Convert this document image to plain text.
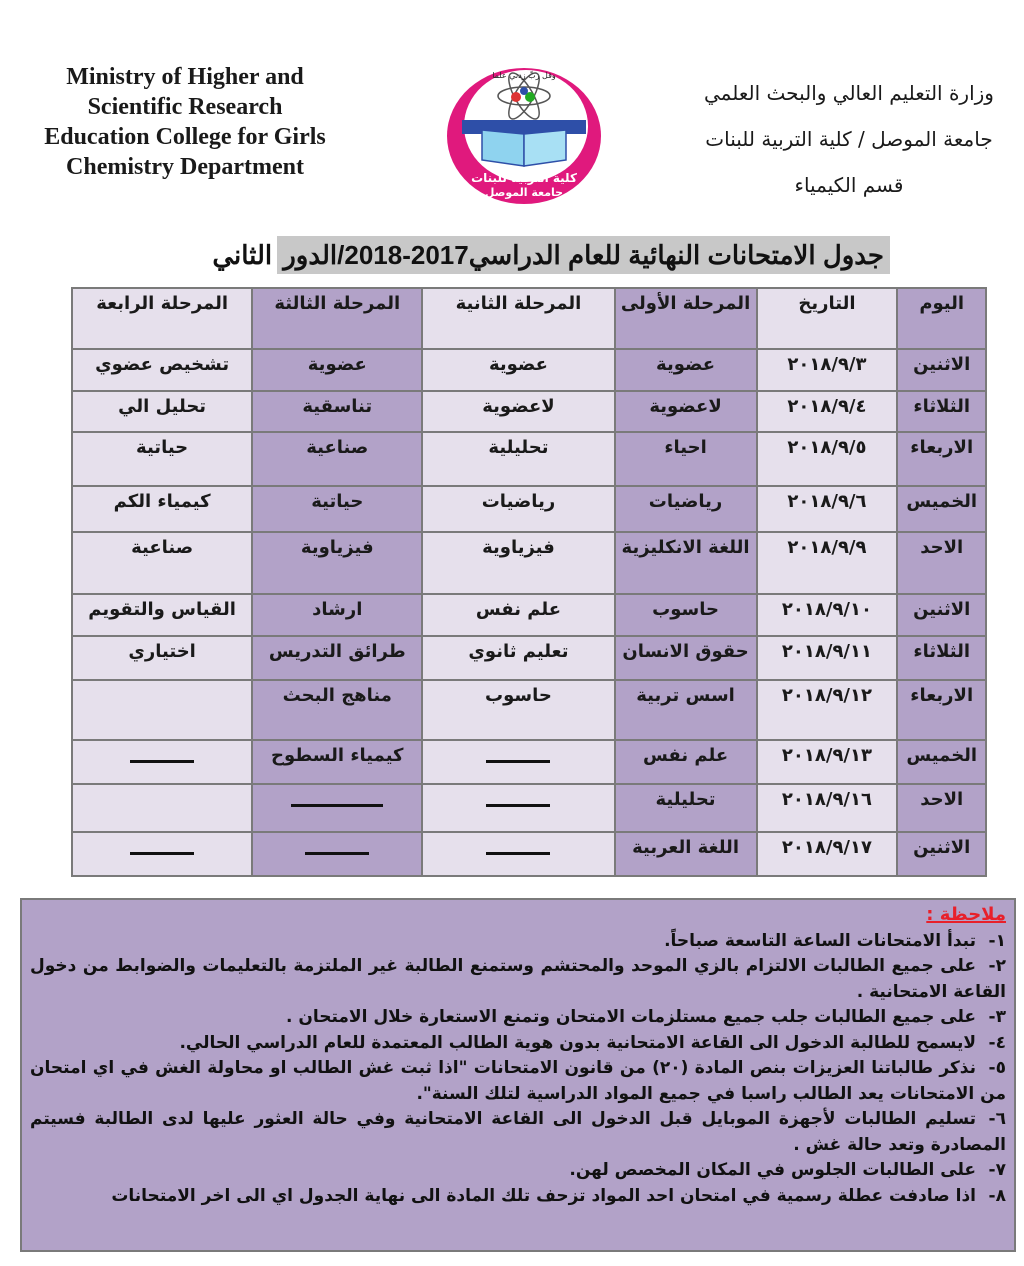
Ministry of Higher and
Scientific Research
Education College for Girls
Chemistry Department
وقل ربِّ زدني علما
كلية التربية للبنات
جامعة الموصل
وزارة التعليم العالي والبحث العلمي
جامعة الموصل / كلية التربية للبنات
قسم الكيمياء
جدول الامتحانات النهائية للعام الدراسي2017-2018/الدور الثاني
اليوم	التاريخ	المرحلة الأولى	المرحلة الثانية	المرحلة الثالثة	المرحلة الرابعة
الاثنين	٢٠١٨/٩/٣	عضوية	عضوية	عضوية	تشخيص عضوي
الثلاثاء	٢٠١٨/٩/٤	لاعضوية	لاعضوية	تناسقية	تحليل الي
الاربعاء	٢٠١٨/٩/٥	احياء	تحليلية	صناعية	حياتية
الخميس	٢٠١٨/٩/٦	رياضيات	رياضيات	حياتية	كيمياء الكم
الاحد	٢٠١٨/٩/٩	اللغة الانكليزية	فيزياوية	فيزياوية	صناعية
الاثنين	٢٠١٨/٩/١٠	حاسوب	علم نفس	ارشاد	القياس والتقويم
الثلاثاء	٢٠١٨/٩/١١	حقوق الانسان	تعليم ثانوي	طرائق التدريس	اختياري
الاربعاء	٢٠١٨/٩/١٢	اسس تربية	حاسوب	مناهج البحث	
الخميس	٢٠١٨/٩/١٣	علم نفس		كيمياء السطوح	
الاحد	٢٠١٨/٩/١٦	تحليلية			
الاثنين	٢٠١٨/٩/١٧	اللغة العربية			
ملاحظة :
١-تبدأ الامتحانات الساعة التاسعة صباحاً.
٢-على جميع الطالبات الالتزام بالزي الموحد والمحتشم وستمنع الطالبة غير الملتزمة بالتعليمات والضوابط من دخول القاعة الامتحانية .
٣-على جميع الطالبات جلب جميع مستلزمات الامتحان وتمنع الاستعارة خلال الامتحان .
٤-لايسمح للطالبة الدخول الى القاعة الامتحانية بدون هوية الطالب المعتمدة للعام الدراسي الحالي.
٥-نذكر طالباتنا العزيزات بنص المادة (٢٠) من قانون الامتحانات "اذا ثبت غش الطالب او محاولة الغش في اي امتحان من الامتحانات يعد الطالب راسبا في جميع المواد الدراسية لتلك السنة".
٦-تسليم الطالبات لأجهزة الموبايل قبل الدخول الى القاعة الامتحانية وفي حالة العثور عليها لدى الطالبة فسيتم المصادرة وتعد حالة غش .
٧-على الطالبات الجلوس في المكان المخصص لهن.
٨-اذا صادفت عطلة رسمية في امتحان احد المواد تزحف تلك المادة الى نهاية الجدول اي الى اخر الامتحانات
